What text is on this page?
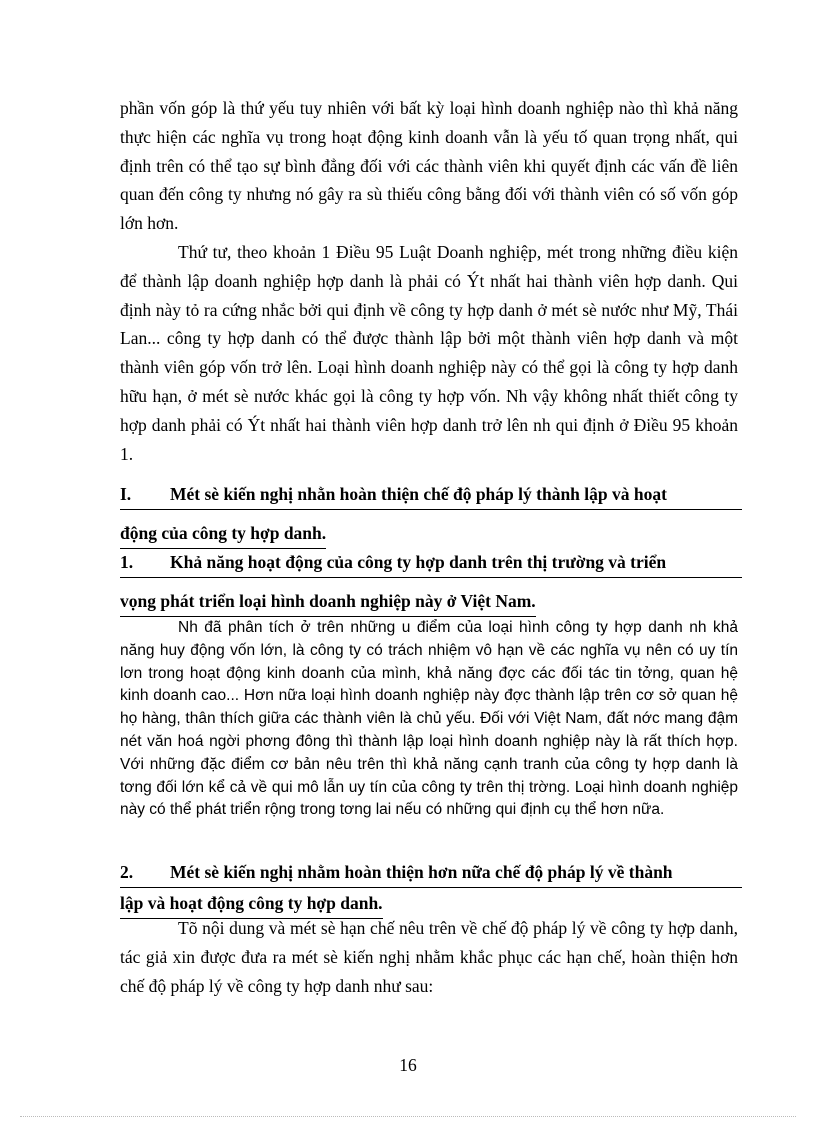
phần vốn góp là thứ yếu tuy nhiên với bất kỳ loại hình doanh nghiệp nào thì khả năng thực hiện các nghĩa vụ trong hoạt động kinh doanh vẫn là yếu tố quan trọng nhất, qui định trên có thể tạo sự bình đẳng đối với các thành viên khi quyết định các vấn đề liên quan đến công ty nhưng nó gây ra sù thiếu công bằng đối với thành viên có số vốn góp lớn hơn.

Thứ tư, theo khoản 1 Điều 95 Luật Doanh nghiệp, mét trong những điều kiện để thành lập doanh nghiệp hợp danh là phải có Ýt nhất hai thành viên hợp danh. Qui định này tỏ ra cứng nhắc bởi qui định về công ty hợp danh ở mét sè nước như Mỹ, Thái Lan... công ty hợp danh có thể được thành lập bởi một thành viên hợp danh và một thành viên góp vốn trở lên. Loại hình doanh nghiệp này có thể gọi là công ty hợp danh hữu hạn, ở mét sè nước khác gọi là công ty hợp vốn. Nh vậy không nhất thiết công ty hợp danh phải có Ýt nhất hai thành viên hợp danh trở lên nh qui định ở Điều 95 khoản 1.

I. Mét sè kiến nghị nhằn hoàn thiện chế độ pháp lý thành lập và hoạt
động của công ty hợp danh.
1. Khả năng hoạt động của công ty hợp danh trên thị trường và triển
vọng phát triển loại hình doanh nghiệp này ở Việt Nam.

Nh đã phân tích ở trên những u điểm của loại hình công ty hợp danh nh khả năng huy động vốn lớn, là công ty có trách nhiệm vô hạn về các nghĩa vụ nên có uy tín lơn trong hoạt động kinh doanh của mình, khả năng đợc các đối tác tin tởng, quan hệ kinh doanh cao... Hơn nữa loại hình doanh nghiệp này đợc thành lập trên cơ sở quan hệ họ hàng, thân thích giữa các thành viên là chủ yếu. Đối với Việt Nam, đất nớc mang đậm nét văn hoá ngời phơng đông thì thành lập loại hình doanh nghiệp này là rất thích hợp. Với những đặc điểm cơ bản nêu trên thì khả năng cạnh tranh của công ty hợp danh là tơng đối lớn kể cả về qui mô lẫn uy tín của công ty trên thị trờng. Loại hình doanh nghiệp này có thể phát triển rộng trong tơng lai nếu có những qui định cụ thể hơn nữa.

2. Mét sè kiến nghị nhằm hoàn thiện hơn nữa chế độ pháp lý về thành
lập và hoạt động công ty hợp danh.

Tõ nội dung và mét sè hạn chế nêu trên về chế độ pháp lý về công ty hợp danh, tác giả xin được đưa ra mét sè kiến nghị nhằm khắc phục các hạn chế, hoàn thiện hơn chế độ pháp lý về công ty hợp danh như sau:

16
